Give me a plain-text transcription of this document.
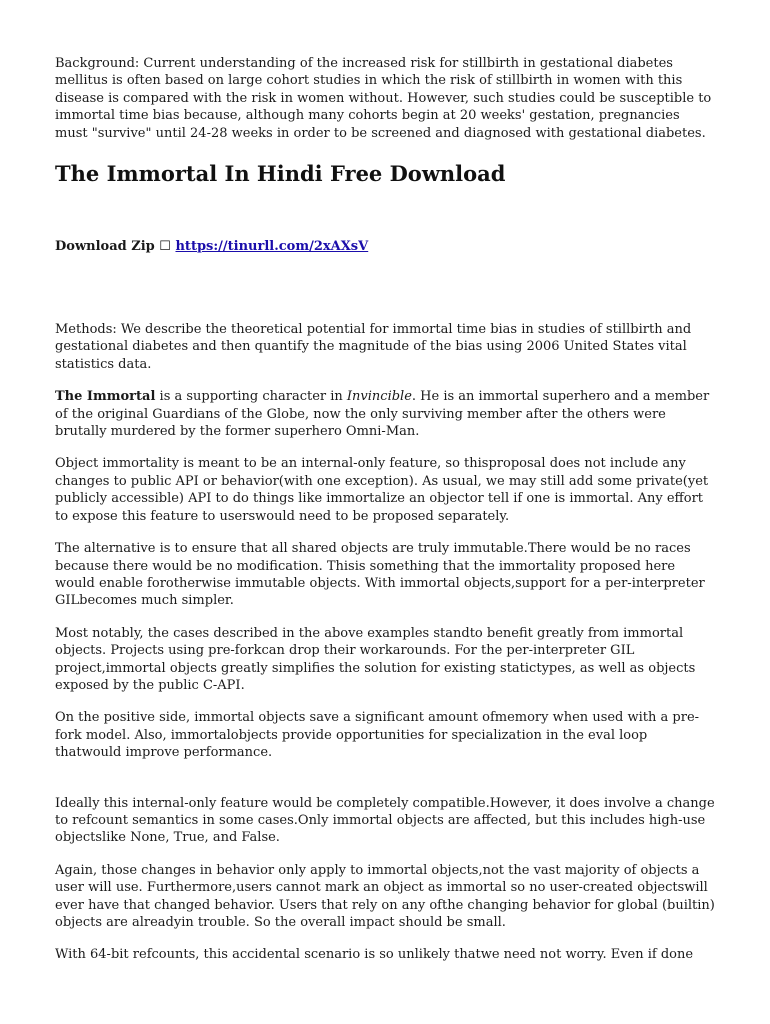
Background: Current understanding of the increased risk for stillbirth in gestational diabetes mellitus is often based on large cohort studies in which the risk of stillbirth in women with this disease is compared with the risk in women without. However, such studies could be susceptible to immortal time bias because, although many cohorts begin at 20 weeks' gestation, pregnancies must "survive" until 24-28 weeks in order to be screened and diagnosed with gestational diabetes.

The Immortal In Hindi Free Download
Download Zip ☐ https://tinurll.com/2xAXsV

Methods: We describe the theoretical potential for immortal time bias in studies of stillbirth and gestational diabetes and then quantify the magnitude of the bias using 2006 United States vital statistics data.

The Immortal is a supporting character in Invincible. He is an immortal superhero and a member of the original Guardians of the Globe, now the only surviving member after the others were brutally murdered by the former superhero Omni-Man.

Object immortality is meant to be an internal-only feature, so thisproposal does not include any changes to public API or behavior(with one exception). As usual, we may still add some private(yet publicly accessible) API to do things like immortalize an objector tell if one is immortal. Any effort to expose this feature to userswould need to be proposed separately.

The alternative is to ensure that all shared objects are truly immutable.There would be no races because there would be no modification. Thisis something that the immortality proposed here would enable forotherwise immutable objects. With immortal objects,support for a per-interpreter GILbecomes much simpler.

Most notably, the cases described in the above examples standto benefit greatly from immortal objects. Projects using pre-forkcan drop their workarounds. For the per-interpreter GIL project,immortal objects greatly simplifies the solution for existing statictypes, as well as objects exposed by the public C-API.

On the positive side, immortal objects save a significant amount ofmemory when used with a pre-fork model. Also, immortalobjects provide opportunities for specialization in the eval loop thatwould improve performance.

Ideally this internal-only feature would be completely compatible.However, it does involve a change to refcount semantics in some cases.Only immortal objects are affected, but this includes high-use objectslike None, True, and False.

Again, those changes in behavior only apply to immortal objects,not the vast majority of objects a user will use. Furthermore,users cannot mark an object as immortal so no user-created objectswill ever have that changed behavior. Users that rely on any ofthe changing behavior for global (builtin) objects are alreadyin trouble. So the overall impact should be small.

With 64-bit refcounts, this accidental scenario is so unlikely thatwe need not worry. Even if done
